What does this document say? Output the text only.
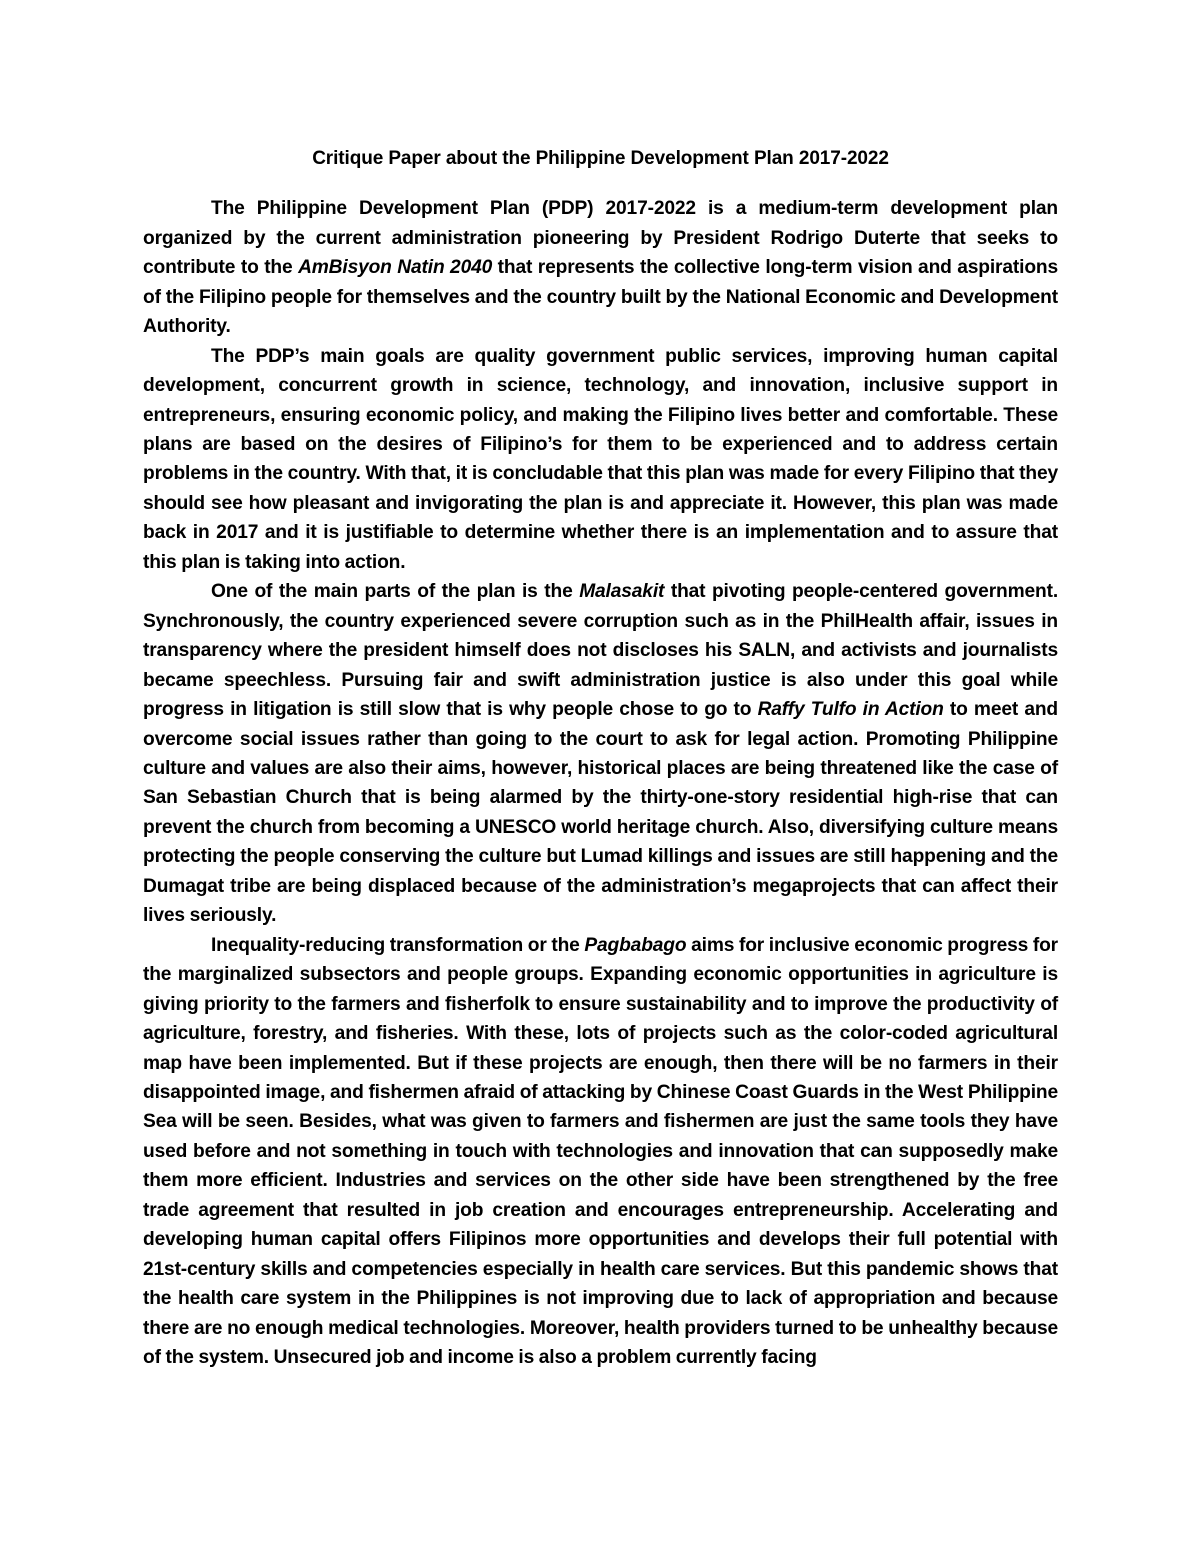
Critique Paper about the Philippine Development Plan 2017-2022

The Philippine Development Plan (PDP) 2017-2022 is a medium-term development plan organized by the current administration pioneering by President Rodrigo Duterte that seeks to contribute to the AmBisyon Natin 2040 that represents the collective long-term vision and aspirations of the Filipino people for themselves and the country built by the National Economic and Development Authority.

The PDP’s main goals are quality government public services, improving human capital development, concurrent growth in science, technology, and innovation, inclusive support in entrepreneurs, ensuring economic policy, and making the Filipino lives better and comfortable. These plans are based on the desires of Filipino’s for them to be experienced and to address certain problems in the country. With that, it is concludable that this plan was made for every Filipino that they should see how pleasant and invigorating the plan is and appreciate it. However, this plan was made back in 2017 and it is justifiable to determine whether there is an implementation and to assure that this plan is taking into action.

One of the main parts of the plan is the Malasakit that pivoting people-centered government. Synchronously, the country experienced severe corruption such as in the PhilHealth affair, issues in transparency where the president himself does not discloses his SALN, and activists and journalists became speechless. Pursuing fair and swift administration justice is also under this goal while progress in litigation is still slow that is why people chose to go to Raffy Tulfo in Action to meet and overcome social issues rather than going to the court to ask for legal action. Promoting Philippine culture and values are also their aims, however, historical places are being threatened like the case of San Sebastian Church that is being alarmed by the thirty-one-story residential high-rise that can prevent the church from becoming a UNESCO world heritage church. Also, diversifying culture means protecting the people conserving the culture but Lumad killings and issues are still happening and the Dumagat tribe are being displaced because of the administration’s megaprojects that can affect their lives seriously.

Inequality-reducing transformation or the Pagbabago aims for inclusive economic progress for the marginalized subsectors and people groups. Expanding economic opportunities in agriculture is giving priority to the farmers and fisherfolk to ensure sustainability and to improve the productivity of agriculture, forestry, and fisheries. With these, lots of projects such as the color-coded agricultural map have been implemented. But if these projects are enough, then there will be no farmers in their disappointed image, and fishermen afraid of attacking by Chinese Coast Guards in the West Philippine Sea will be seen. Besides, what was given to farmers and fishermen are just the same tools they have used before and not something in touch with technologies and innovation that can supposedly make them more efficient. Industries and services on the other side have been strengthened by the free trade agreement that resulted in job creation and encourages entrepreneurship. Accelerating and developing human capital offers Filipinos more opportunities and develops their full potential with 21st-century skills and competencies especially in health care services. But this pandemic shows that the health care system in the Philippines is not improving due to lack of appropriation and because there are no enough medical technologies. Moreover, health providers turned to be unhealthy because of the system. Unsecured job and income is also a problem currently facing
